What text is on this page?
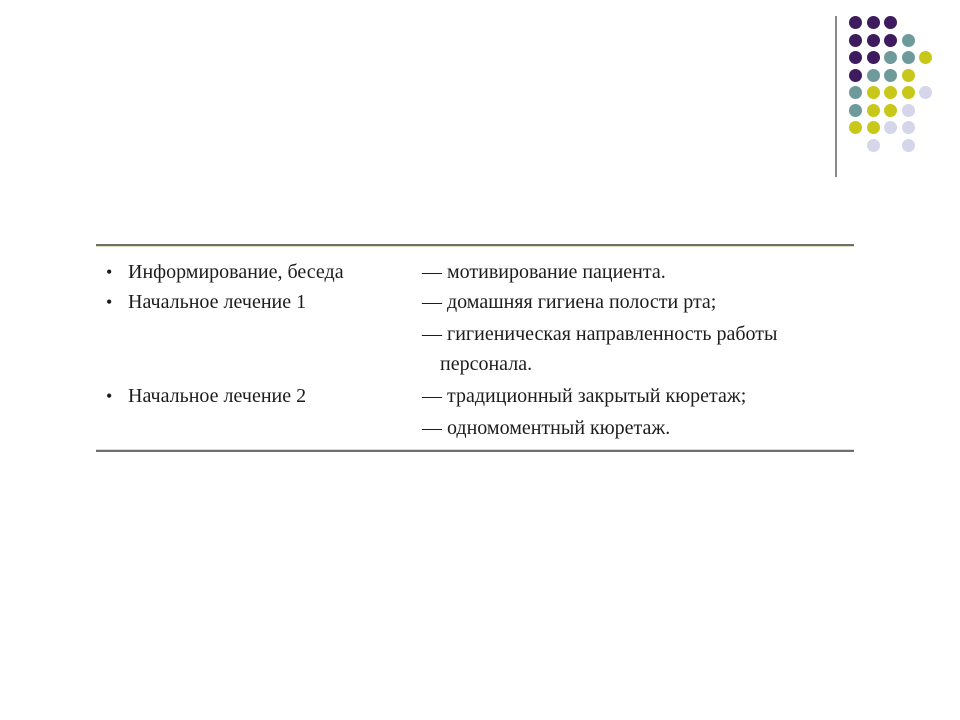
• Информирование, беседа	— мотивирование пациента.
• Начальное лечение 1	— домашняя гигиена полости рта;
— гигиеническая направленность работы
персонала.
• Начальное лечение 2	— традиционный закрытый кюретаж;
— одномоментный кюретаж.
